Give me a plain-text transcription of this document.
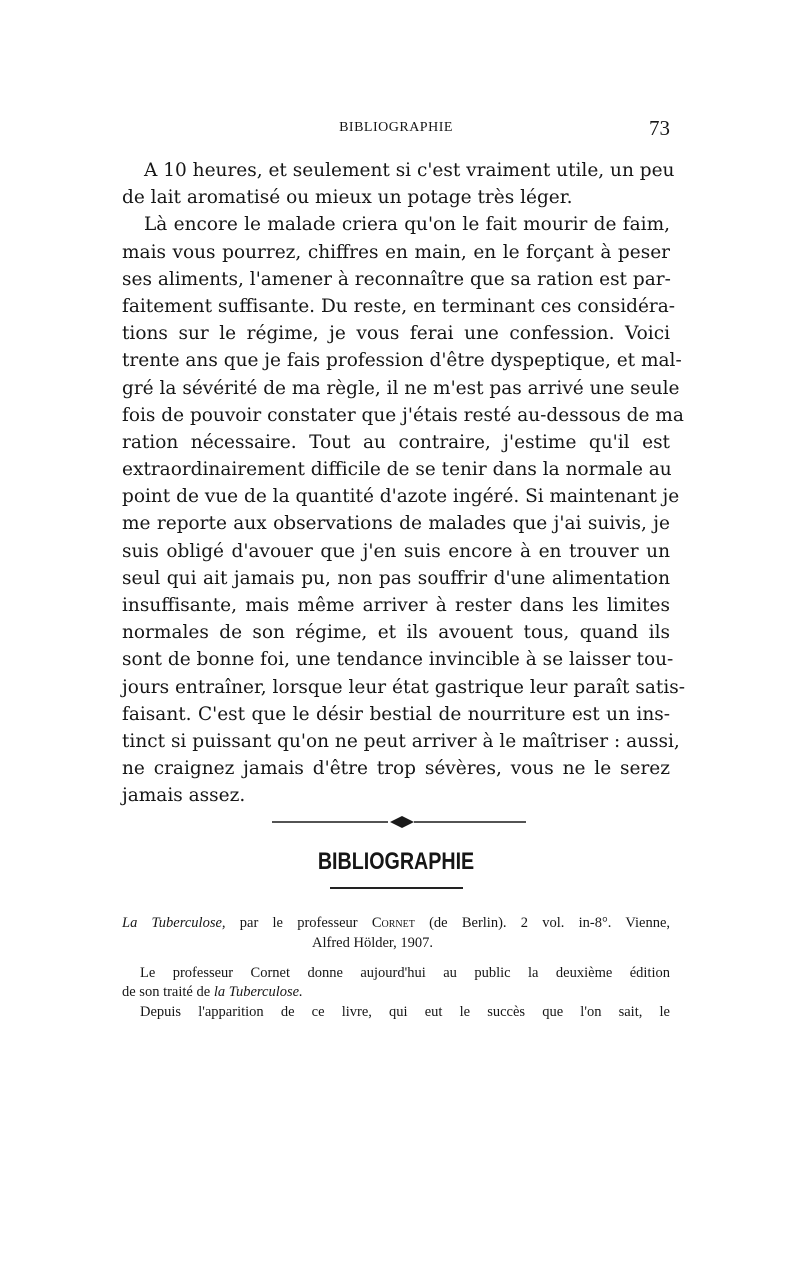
BIBLIOGRAPHIE	73
A 10 heures, et seulement si c'est vraiment utile, un peu
de lait aromatisé ou mieux un potage très léger.
Là encore le malade criera qu'on le fait mourir de faim,
mais vous pourrez, chiffres en main, en le forçant à peser
ses aliments, l'amener à reconnaître que sa ration est par-
faitement suffisante. Du reste, en terminant ces considéra-
tions sur le régime, je vous ferai une confession. Voici
trente ans que je fais profession d'être dyspeptique, et mal-
gré la sévérité de ma règle, il ne m'est pas arrivé une seule
fois de pouvoir constater que j'étais resté au-dessous de ma
ration nécessaire. Tout au contraire, j'estime qu'il est
extraordinairement difficile de se tenir dans la normale au
point de vue de la quantité d'azote ingéré. Si maintenant je
me reporte aux observations de malades que j'ai suivis, je
suis obligé d'avouer que j'en suis encore à en trouver un
seul qui ait jamais pu, non pas souffrir d'une alimentation
insuffisante, mais même arriver à rester dans les limites
normales de son régime, et ils avouent tous, quand ils
sont de bonne foi, une tendance invincible à se laisser tou-
jours entraîner, lorsque leur état gastrique leur paraît satis-
faisant. C'est que le désir bestial de nourriture est un ins-
tinct si puissant qu'on ne peut arriver à le maîtriser : aussi,
ne craignez jamais d'être trop sévères, vous ne le serez
jamais assez.
BIBLIOGRAPHIE
La Tuberculose, par le professeur Cornet (de Berlin). 2 vol. in-8°. Vienne,
Alfred Hölder, 1907.
Le professeur Cornet donne aujourd'hui au public la deuxième édition
de son traité de la Tuberculose.
Depuis l'apparition de ce livre, qui eut le succès que l'on sait, le
